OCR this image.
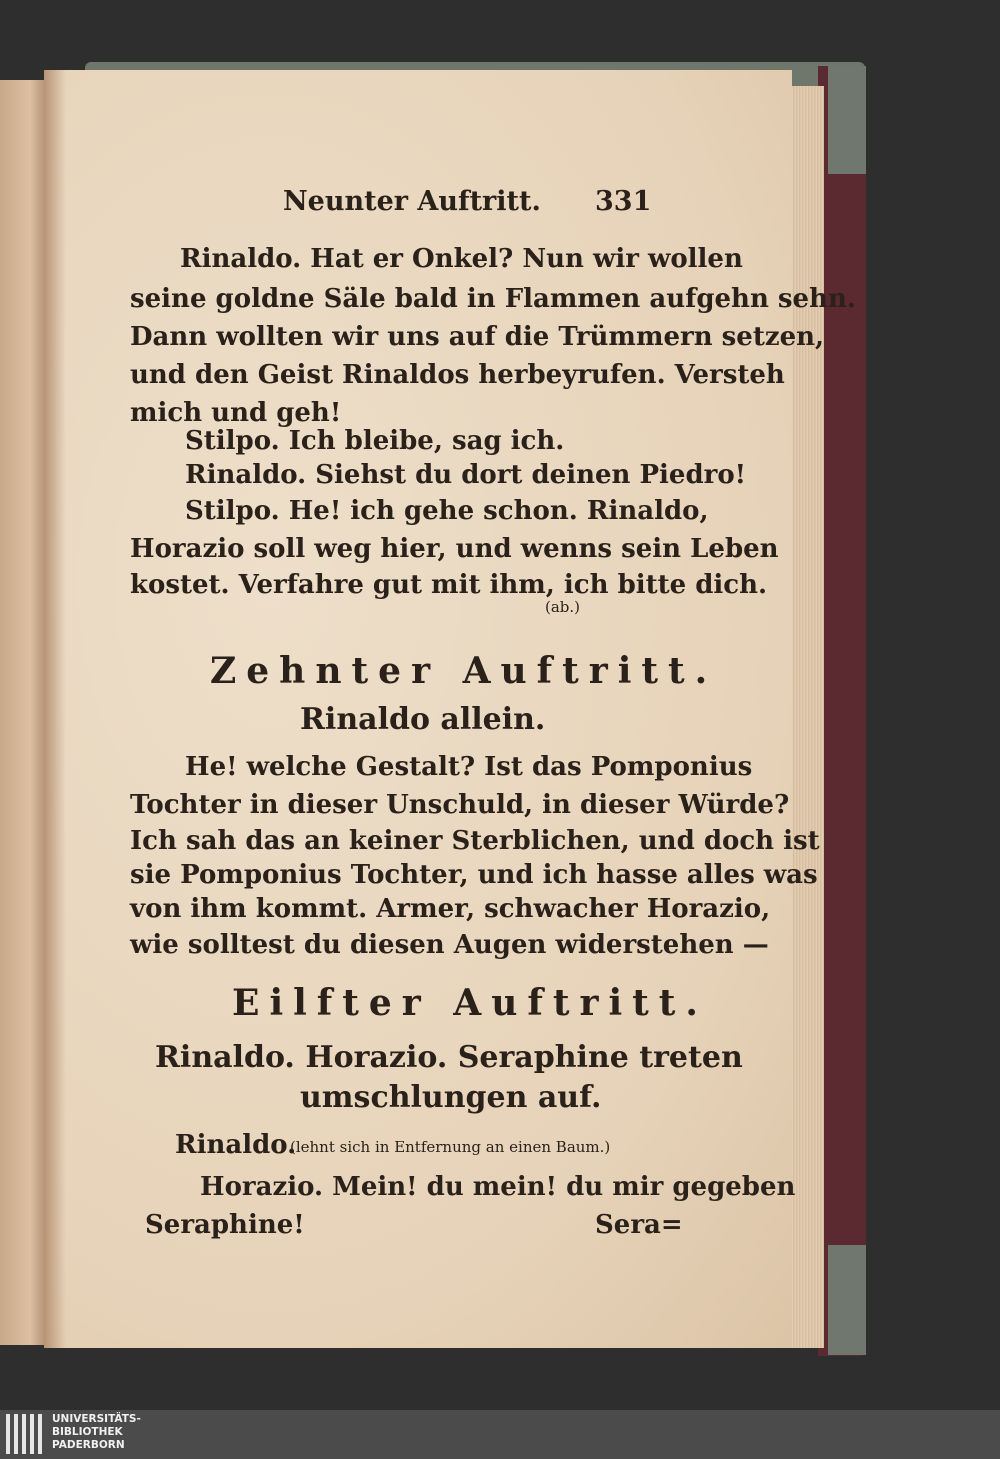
Neunter Auftritt. 331
Rinaldo. Hat er Onkel? Nun wir wollen
seine goldne Säle bald in Flammen aufgehn sehn.
Dann wollten wir uns auf die Trümmern setzen,
und den Geist Rinaldos herbeyrufen. Versteh
mich und geh!
Stilpo. Ich bleibe, sag ich.
Rinaldo. Siehst du dort deinen Piedro!
Stilpo. He! ich gehe schon. Rinaldo,
Horazio soll weg hier, und wenns sein Leben
kostet. Verfahre gut mit ihm, ich bitte dich.
(ab.)
Zehnter Auftritt.
Rinaldo allein.
He! welche Gestalt? Ist das Pomponius
Tochter in dieser Unschuld, in dieser Würde?
Ich sah das an keiner Sterblichen, und doch ist
sie Pomponius Tochter, und ich hasse alles was
von ihm kommt. Armer, schwacher Horazio,
wie solltest du diesen Augen widerstehen —
Eilfter Auftritt.
Rinaldo. Horazio. Seraphine treten
umschlungen auf.
Rinaldo.
(lehnt sich in Entfernung an einen Baum.)
Horazio. Mein! du mein! du mir gegeben
Seraphine!	Sera=
UNIVERSITÄTS-
BIBLIOTHEK
PADERBORN
